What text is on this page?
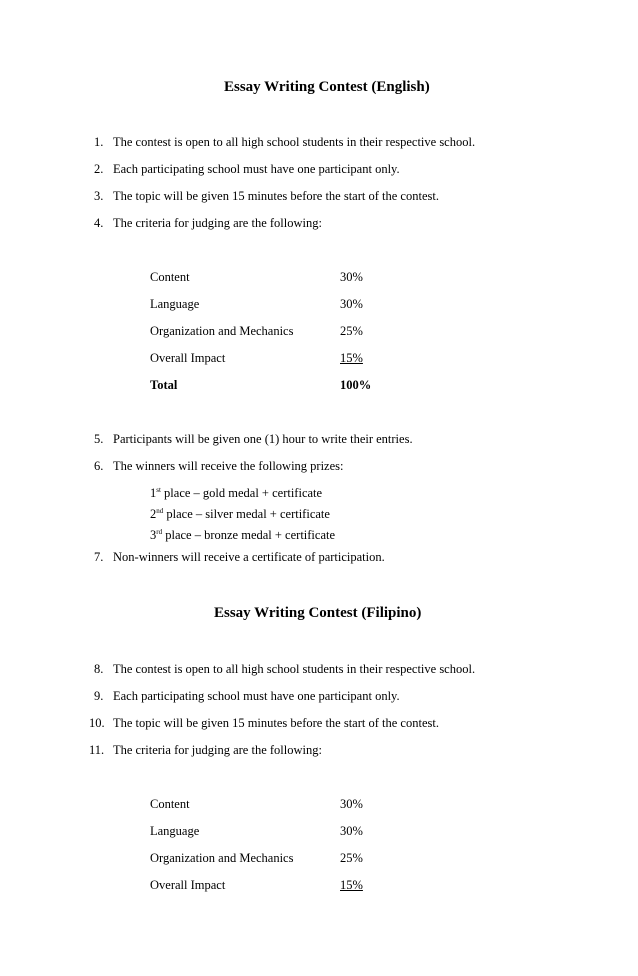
Essay Writing Contest (English)
1. The contest is open to all high school students in their respective school.
2. Each participating school must have one participant only.
3. The topic will be given 15 minutes before the start of the contest.
4. The criteria for judging are the following:
Content	30%
Language	30%
Organization and Mechanics	25%
Overall Impact	15%
Total	100%
5. Participants will be given one (1) hour to write their entries.
6. The winners will receive the following prizes:
1st place – gold medal + certificate
2nd place – silver medal + certificate
3rd place – bronze medal + certificate
7. Non-winners will receive a certificate of participation.
Essay Writing Contest (Filipino)
8. The contest is open to all high school students in their respective school.
9. Each participating school must have one participant only.
10. The topic will be given 15 minutes before the start of the contest.
11. The criteria for judging are the following:
Content	30%
Language	30%
Organization and Mechanics	25%
Overall Impact	15%
